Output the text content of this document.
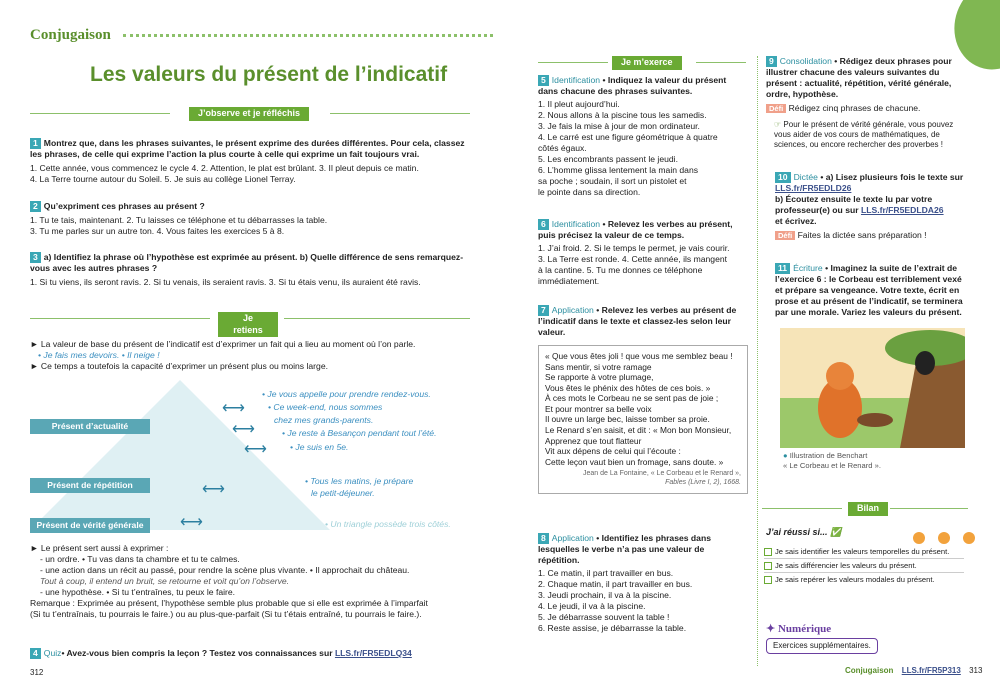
Conjugaison
Les valeurs du présent de l’indicatif
J’observe et je réfléchis
1 Montrez que, dans les phrases suivantes, le présent exprime des durées différentes. Pour cela, classez les phrases, de celle qui exprime l’action la plus courte à celle qui exprime un fait toujours vrai.
1. Cette année, vous commencez le cycle 4. 2. Attention, le plat est brûlant. 3. Il pleut depuis ce matin.
4. La Terre tourne autour du Soleil. 5. Je suis au collège Lionel Terray.
2 Qu’expriment ces phrases au présent ?
1. Tu te tais, maintenant. 2. Tu laisses ce téléphone et tu débarrasses la table.
3. Tu me parles sur un autre ton. 4. Vous faites les exercices 5 à 8.
3 a) Identifiez la phrase où l’hypothèse est exprimée au présent. b) Quelle différence de sens remarquez-vous avec les autres phrases ?
1. Si tu viens, ils seront ravis. 2. Si tu venais, ils seraient ravis. 3. Si tu étais venu, ils auraient été ravis.
Je retiens
► La valeur de base du présent de l’indicatif est d’exprimer un fait qui a lieu au moment où l’on parle.
• Je fais mes devoirs. • Il neige !
► Ce temps a toutefois la capacité d’exprimer un présent plus ou moins large.
Présent d’actualité
Présent de répétition
Présent de vérité générale
⟷
⟷
⟷
⟷
⟷
• Je vous appelle pour prendre rendez-vous.
• Ce week-end, nous sommes
chez mes grands-parents.
• Je reste à Besançon pendant tout l’été.
• Je suis en 5e.
• Tous les matins, je prépare
le petit-déjeuner.
• Un triangle possède trois côtés.
► Le présent sert aussi à exprimer :
- un ordre. • Tu vas dans ta chambre et tu te calmes.
- une action dans un récit au passé, pour rendre la scène plus vivante. • Il approchait du château.
Tout à coup, il entend un bruit, se retourne et voit qu’on l’observe.
- une hypothèse. • Si tu t’entraînes, tu peux le faire.
Remarque : Exprimée au présent, l’hypothèse semble plus probable que si elle est exprimée à l’imparfait
(Si tu t’entraînais, tu pourrais le faire.) ou au plus-que-parfait (Si tu t’étais entraîné, tu pourrais le faire.).
4 Quiz• Avez-vous bien compris la leçon ? Testez vos connaissances sur LLS.fr/FR5EDLQ34
312
Je m’exerce
5 Identification • Indiquez la valeur du présent dans chacune des phrases suivantes.
1. Il pleut aujourd’hui.
2. Nous allons à la piscine tous les samedis.
3. Je fais la mise à jour de mon ordinateur.
4. Le carré est une figure géométrique à quatre
côtés égaux.
5. Les encombrants passent le jeudi.
6. L’homme glissa lentement la main dans
sa poche ; soudain, il sort un pistolet et
le pointe dans sa direction.
6 Identification • Relevez les verbes au présent, puis précisez la valeur de ce temps.
1. J’ai froid. 2. Si le temps le permet, je vais courir.
3. La Terre est ronde. 4. Cette année, ils mangent
à la cantine. 5. Tu me donnes ce téléphone
immédiatement.
7 Application • Relevez les verbes au présent de l’indicatif dans le texte et classez-les selon leur valeur.
« Que vous êtes joli ! que vous me semblez beau !
Sans mentir, si votre ramage
Se rapporte à votre plumage,
Vous êtes le phénix des hôtes de ces bois. »
À ces mots le Corbeau ne se sent pas de joie ;
Et pour montrer sa belle voix
Il ouvre un large bec, laisse tomber sa proie.
Le Renard s’en saisit, et dit : « Mon bon Monsieur,
Apprenez que tout flatteur
Vit aux dépens de celui qui l’écoute :
Cette leçon vaut bien un fromage, sans doute. »
Jean de La Fontaine, « Le Corbeau et le Renard »,
Fables (Livre I, 2), 1668.
8 Application • Identifiez les phrases dans lesquelles le verbe n’a pas une valeur de répétition.
1. Ce matin, il part travailler en bus.
2. Chaque matin, il part travailler en bus.
3. Jeudi prochain, il va à la piscine.
4. Le jeudi, il va à la piscine.
5. Je débarrasse souvent la table !
6. Reste assise, je débarrasse la table.
9 Consolidation • Rédigez deux phrases pour illustrer chacune des valeurs suivantes du présent : actualité, répétition, vérité générale, ordre, hypothèse.
Défi Rédigez cinq phrases de chacune.
☞ Pour le présent de vérité générale, vous pouvez vous aider de vos cours de mathématiques, de sciences, ou encore rechercher des proverbes !
10 Dictée • a) Lisez plusieurs fois le texte sur LLS.fr/FR5EDLD26
b) Écoutez ensuite le texte lu par votre professeur(e) ou sur LLS.fr/FR5EDLDA26
et écrivez.
Défi Faites la dictée sans préparation !
11 Écriture • Imaginez la suite de l’extrait de l’exercice 6 : le Corbeau est terriblement vexé et prépare sa vengeance. Votre texte, écrit en prose et au présent de l’indicatif, se terminera par une morale. Variez les valeurs du présent.
● Illustration de Benchart
« Le Corbeau et le Renard ».
Bilan
J’ai réussi si... ✅
Je sais identifier les valeurs temporelles du présent.
Je sais différencier les valeurs du présent.
Je sais repérer les valeurs modales du présent.
✦ Numérique
Exercices supplémentaires.
Conjugaison LLS.fr/FR5P313 313
